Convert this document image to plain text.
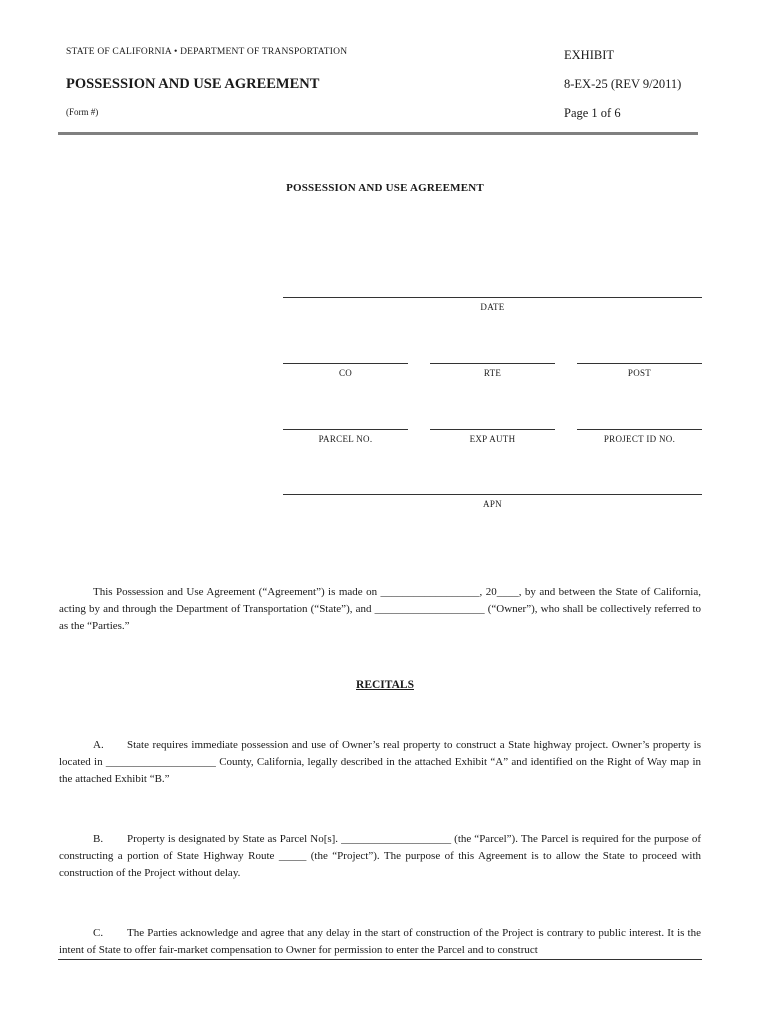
STATE OF CALIFORNIA • DEPARTMENT OF TRANSPORTATION
POSSESSION AND USE AGREEMENT
(Form #)
EXHIBIT
8-EX-25 (REV 9/2011)
Page 1 of 6
POSSESSION AND USE AGREEMENT
DATE
CO	RTE	POST
PARCEL NO.	EXP AUTH	PROJECT ID NO.
APN
This Possession and Use Agreement (“Agreement”) is made on __________________, 20____, by and between the State of California, acting by and through the Department of Transportation (“State”), and ____________________ (“Owner”), who shall be collectively referred to as the “Parties.”
RECITALS
A. State requires immediate possession and use of Owner’s real property to construct a State highway project. Owner’s property is located in ____________________ County, California, legally described in the attached Exhibit “A” and identified on the Right of Way map in the attached Exhibit “B.”
B. Property is designated by State as Parcel No[s]. ____________________ (the “Parcel”). The Parcel is required for the purpose of constructing a portion of State Highway Route _____ (the “Project”). The purpose of this Agreement is to allow the State to proceed with construction of the Project without delay.
C. The Parties acknowledge and agree that any delay in the start of construction of the Project is contrary to public interest. It is the intent of State to offer fair-market compensation to Owner for permission to enter the Parcel and to construct
